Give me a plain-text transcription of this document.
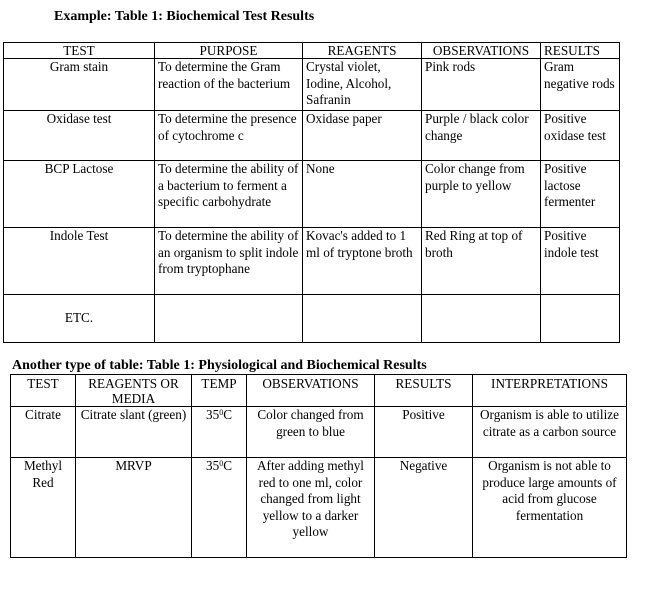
Example: Table 1: Biochemical Test Results
TEST	PURPOSE	REAGENTS	OBSERVATIONS	RESULTS
Gram stain	To determine the Gram reaction of the bacterium	Crystal violet, Iodine, Alcohol, Safranin	Pink rods	Gram negative rods
Oxidase test	To determine the presence of cytochrome c	Oxidase paper	Purple / black color change	Positive oxidase test
BCP Lactose	To determine the ability of a bacterium to ferment a specific carbohydrate	None	Color change from purple to yellow	Positive lactose fermenter
Indole Test	To determine the ability of an organism to split indole from tryptophane	Kovac's added to 1 ml of tryptone broth	Red Ring at top of broth	Positive indole test
ETC.				
Another type of table: Table 1: Physiological and Biochemical Results
TEST	REAGENTS OR MEDIA	TEMP	OBSERVATIONS	RESULTS	INTERPRETATIONS
Citrate	Citrate slant (green)	$35^0C$	Color changed from green to blue	Positive	Organism is able to utilize citrate as a carbon source
Methyl Red	MRVP	$35^0C$	After adding methyl red to one ml, color changed from light yellow to a darker yellow	Negative	Organism is not able to produce large amounts of acid from glucose fermentation
